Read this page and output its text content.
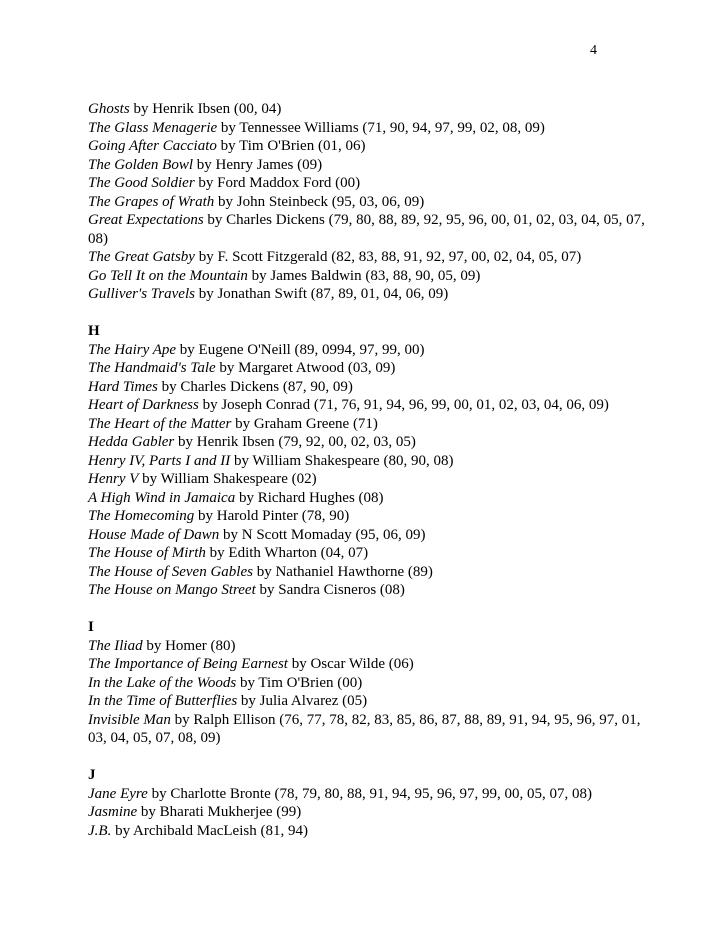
4
Ghosts by Henrik Ibsen (00, 04)
The Glass Menagerie by Tennessee Williams (71, 90, 94, 97, 99, 02, 08, 09)
Going After Cacciato by Tim O'Brien (01, 06)
The Golden Bowl by Henry James (09)
The Good Soldier by Ford Maddox Ford (00)
The Grapes of Wrath by John Steinbeck (95, 03, 06, 09)
Great Expectations by Charles Dickens (79, 80, 88, 89, 92, 95, 96, 00, 01, 02, 03, 04, 05, 07, 08)
The Great Gatsby by F. Scott Fitzgerald (82, 83, 88, 91, 92, 97, 00, 02, 04, 05, 07)
Go Tell It on the Mountain by James Baldwin (83, 88, 90, 05, 09)
Gulliver's Travels by Jonathan Swift (87, 89, 01, 04, 06, 09)
H
The Hairy Ape by Eugene O'Neill (89, 0994, 97, 99, 00)
The Handmaid's Tale by Margaret Atwood (03, 09)
Hard Times by Charles Dickens (87, 90, 09)
Heart of Darkness by Joseph Conrad (71, 76, 91, 94, 96, 99, 00, 01, 02, 03, 04, 06, 09)
The Heart of the Matter by Graham Greene (71)
Hedda Gabler by Henrik Ibsen (79, 92, 00, 02, 03, 05)
Henry IV, Parts I and II by William Shakespeare (80, 90, 08)
Henry V by William Shakespeare (02)
A High Wind in Jamaica by Richard Hughes (08)
The Homecoming by Harold Pinter (78, 90)
House Made of Dawn by N Scott Momaday (95, 06, 09)
The House of Mirth by Edith Wharton (04, 07)
The House of Seven Gables by Nathaniel Hawthorne (89)
The House on Mango Street by Sandra Cisneros (08)
I
The Iliad by Homer (80)
The Importance of Being Earnest by Oscar Wilde (06)
In the Lake of the Woods by Tim O'Brien (00)
In the Time of Butterflies by Julia Alvarez (05)
Invisible Man by Ralph Ellison (76, 77, 78, 82, 83, 85, 86, 87, 88, 89, 91, 94, 95, 96, 97, 01, 03, 04, 05, 07, 08, 09)
J
Jane Eyre by Charlotte Bronte (78, 79, 80, 88, 91, 94, 95, 96, 97, 99, 00, 05, 07, 08)
Jasmine by Bharati Mukherjee (99)
J.B. by Archibald MacLeish (81, 94)
